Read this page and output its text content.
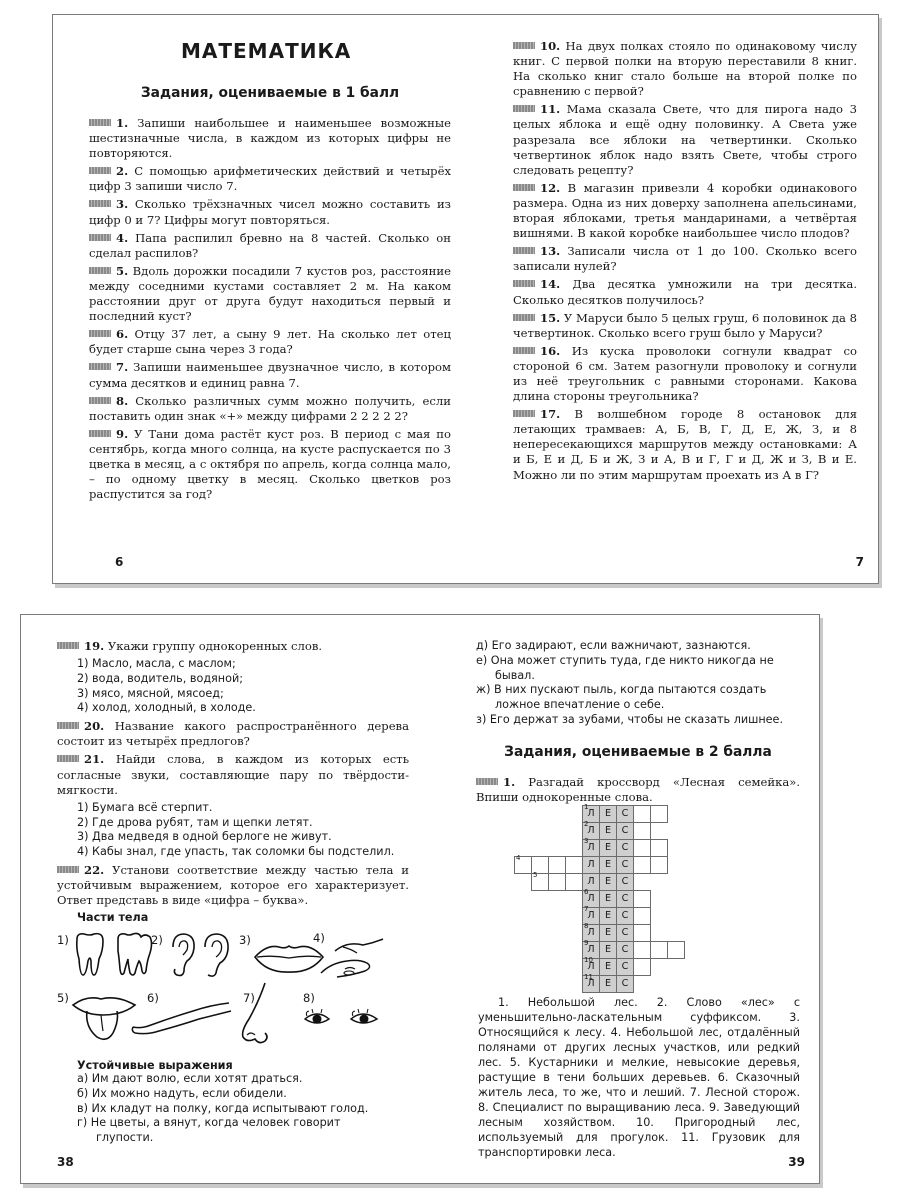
МАТЕМАТИКА
Задания, оцениваемые в 1 балл
1. Запиши наибольшее и наименьшее возможные шестизначные числа, в каждом из которых цифры не повторяются.
2. С помощью арифметических действий и четырёх цифр 3 запиши число 7.
3. Сколько трёхзначных чисел можно составить из цифр 0 и 7? Цифры могут повторяться.
4. Папа распилил бревно на 8 частей. Сколько он сделал распилов?
5. Вдоль дорожки посадили 7 кустов роз, расстояние между соседними кустами составляет 2 м. На каком расстоянии друг от друга будут находиться первый и последний куст?
6. Отцу 37 лет, а сыну 9 лет. На сколько лет отец будет старше сына через 3 года?
7. Запиши наименьшее двузначное число, в котором сумма десятков и единиц равна 7.
8. Сколько различных сумм можно получить, если поставить один знак «+» между цифрами 2 2 2 2 2?
9. У Тани дома растёт куст роз. В период с мая по сентябрь, когда много солнца, на кусте распускается по 3 цветка в месяц, а с октября по апрель, когда солнца мало, – по одному цветку в месяц. Сколько цветков роз распустится за год?
6
10. На двух полках стояло по одинаковому числу книг. С первой полки на вторую переставили 8 книг. На сколько книг стало больше на второй полке по сравнению с первой?
11. Мама сказала Свете, что для пирога надо 3 целых яблока и ещё одну половинку. А Света уже разрезала все яблоки на четвертинки. Сколько четвертинок яблок надо взять Свете, чтобы строго следовать рецепту?
12. В магазин привезли 4 коробки одинакового размера. Одна из них доверху заполнена апельсинами, вторая яблоками, третья мандаринами, а четвёртая вишнями. В какой коробке наибольшее число плодов?
13. Записали числа от 1 до 100. Сколько всего записали нулей?
14. Два десятка умножили на три десятка. Сколько десятков получилось?
15. У Маруси было 5 целых груш, 6 половинок да 8 четвертинок. Сколько всего груш было у Маруси?
16. Из куска проволоки согнули квадрат со стороной 6 см. Затем разогнули проволоку и согнули из неё треугольник с равными сторонами. Какова длина стороны треугольника?
17. В волшебном городе 8 остановок для летающих трамваев: А, Б, В, Г, Д, Е, Ж, З, и 8 непересекающихся маршрутов между остановками: А и Б, Е и Д, Б и Ж, З и А, В и Г, Г и Д, Ж и З, В и Е. Можно ли по этим маршрутам проехать из А в Г?
7
19. Укажи группу однокоренных слов.
1) Масло, масла, с маслом;
2) вода, водитель, водяной;
3) мясо, мясной, мясоед;
4) холод, холодный, в холоде.
20. Название какого распространённого дерева состоит из четырёх предлогов?
21. Найди слова, в каждом из которых есть согласные звуки, составляющие пару по твёрдости-мягкости.
1) Бумага всё стерпит.
2) Где дрова рубят, там и щепки летят.
3) Два медведя в одной берлоге не живут.
4) Кабы знал, где упасть, так соломки бы подстелил.
22. Установи соответствие между частью тела и устойчивым выражением, которое его характеризует. Ответ представь в виде «цифра – буква».
Части тела
1)	2)	3)	4)
5)	6)	7)	8)
Устойчивые выражения
а) Им дают волю, если хотят драться.
б) Их можно надуть, если обидели.
в) Их кладут на полку, когда испытывают голод.
г) Не цветы, а вянут, когда человек говорит глупости.
38
д) Его задирают, если важничают, зазнаются.
е) Она может ступить туда, где никто никогда не бывал.
ж) В них пускают пыль, когда пытаются создать ложное впечатление о себе.
з) Его держат за зубами, чтобы не сказать лишнее.
Задания, оцениваемые в 2 балла
1. Разгадай кроссворд «Лесная семейка». Впиши однокоренные слова.
				Л
1	Е	С				
				Л
2	Е	С				
				Л
3	Е	С				

4				Л	Е	С				

	5			Л	Е	С				
				Л
6	Е	С				
				Л
7	Е	С				
				Л
8	Е	С				
				Л
9	Е	С				
				Л
10	Е	С				
				Л
11	Е	С				
1. Небольшой лес. 2. Слово «лес» с уменьшительно-ласкательным суффиксом. 3. Относящийся к лесу. 4. Небольшой лес, отдалённый полянами от других лесных участков, или редкий лес. 5. Кустарники и мелкие, невысокие деревья, растущие в тени больших деревьев. 6. Сказочный житель леса, то же, что и леший. 7. Лесной сторож. 8. Специалист по выращиванию леса. 9. Заведующий лесным хозяйством. 10. Пригородный лес, используемый для прогулок. 11. Грузовик для транспортировки леса.
39
